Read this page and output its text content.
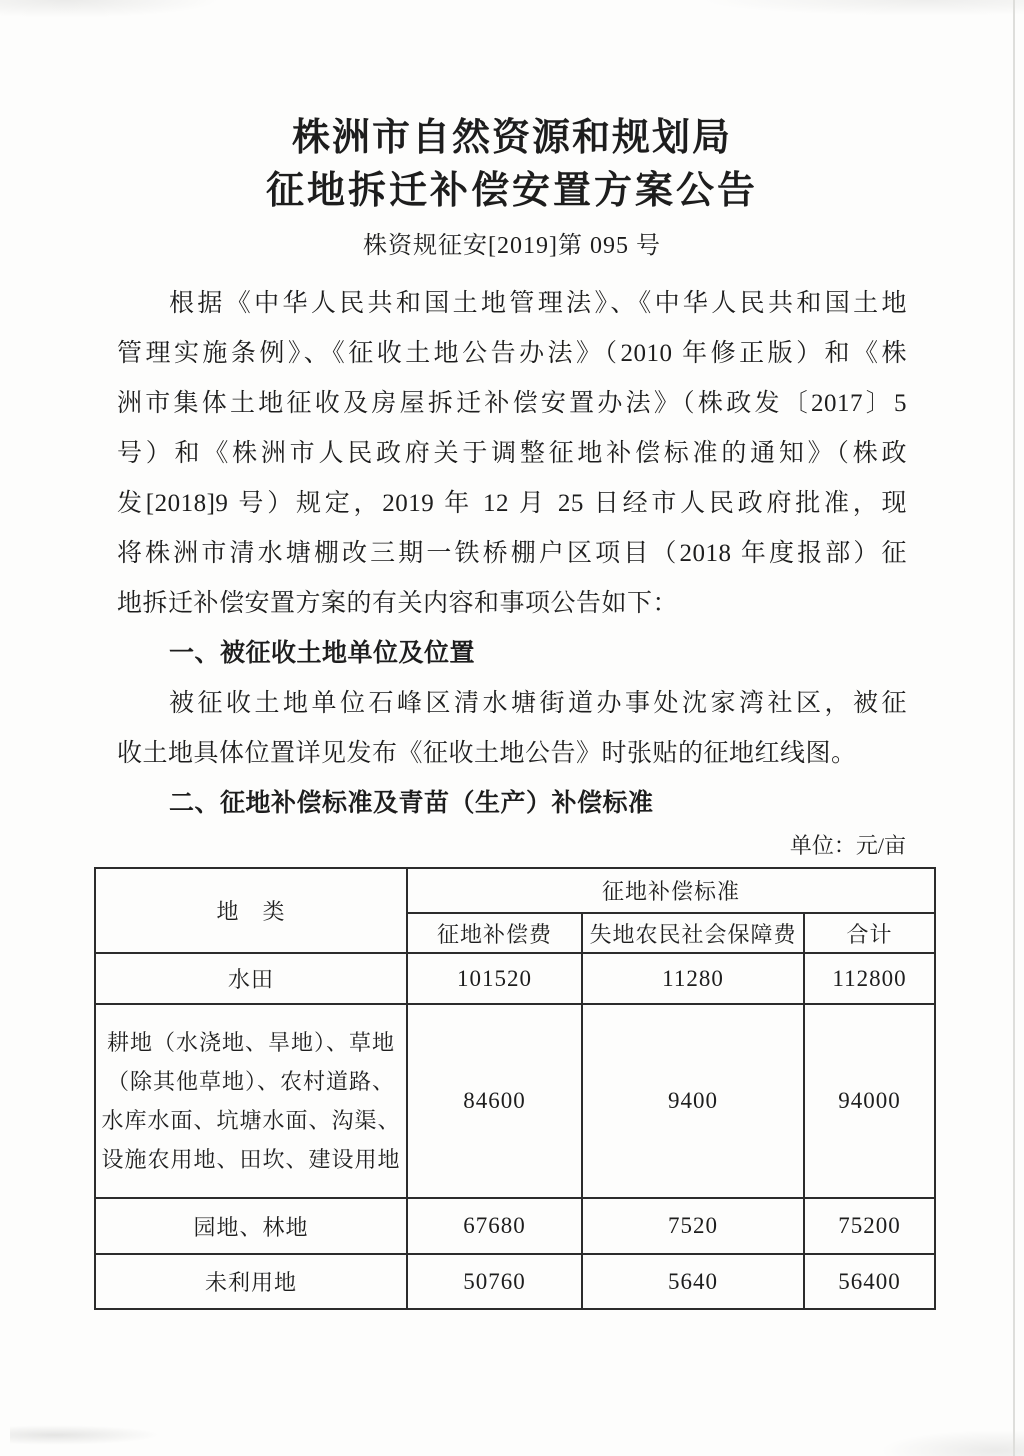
株洲市自然资源和规划局
征地拆迁补偿安置方案公告
株资规征安[2019]第 095 号
根据《中华人民共和国土地管理法》、《中华人民共和国土地
管理实施条例》、《征收土地公告办法》（2010 年修正版）和《株
洲市集体土地征收及房屋拆迁补偿安置办法》（株政发〔2017〕5
号）和《株洲市人民政府关于调整征地补偿标准的通知》（株政
发[2018]9 号）规定，2019 年 12 月 25 日经市人民政府批准，现
将株洲市清水塘棚改三期一铁桥棚户区项目（2018 年度报部）征
地拆迁补偿安置方案的有关内容和事项公告如下：
一、被征收土地单位及位置
被征收土地单位石峰区清水塘街道办事处沈家湾社区，被征
收土地具体位置详见发布《征收土地公告》时张贴的征地红线图。
二、征地补偿标准及青苗（生产）补偿标准
单位：元/亩
地　类	征地补偿标准		
	征地补偿费	失地农民社会保障费	合计
水田	101520	11280	112800
耕地（水浇地、旱地）、草地（除其他草地）、农村道路、水库水面、坑塘水面、沟渠、设施农用地、田坎、建设用地	84600	9400	94000
园地、林地	67680	7520	75200
未利用地	50760	5640	56400
